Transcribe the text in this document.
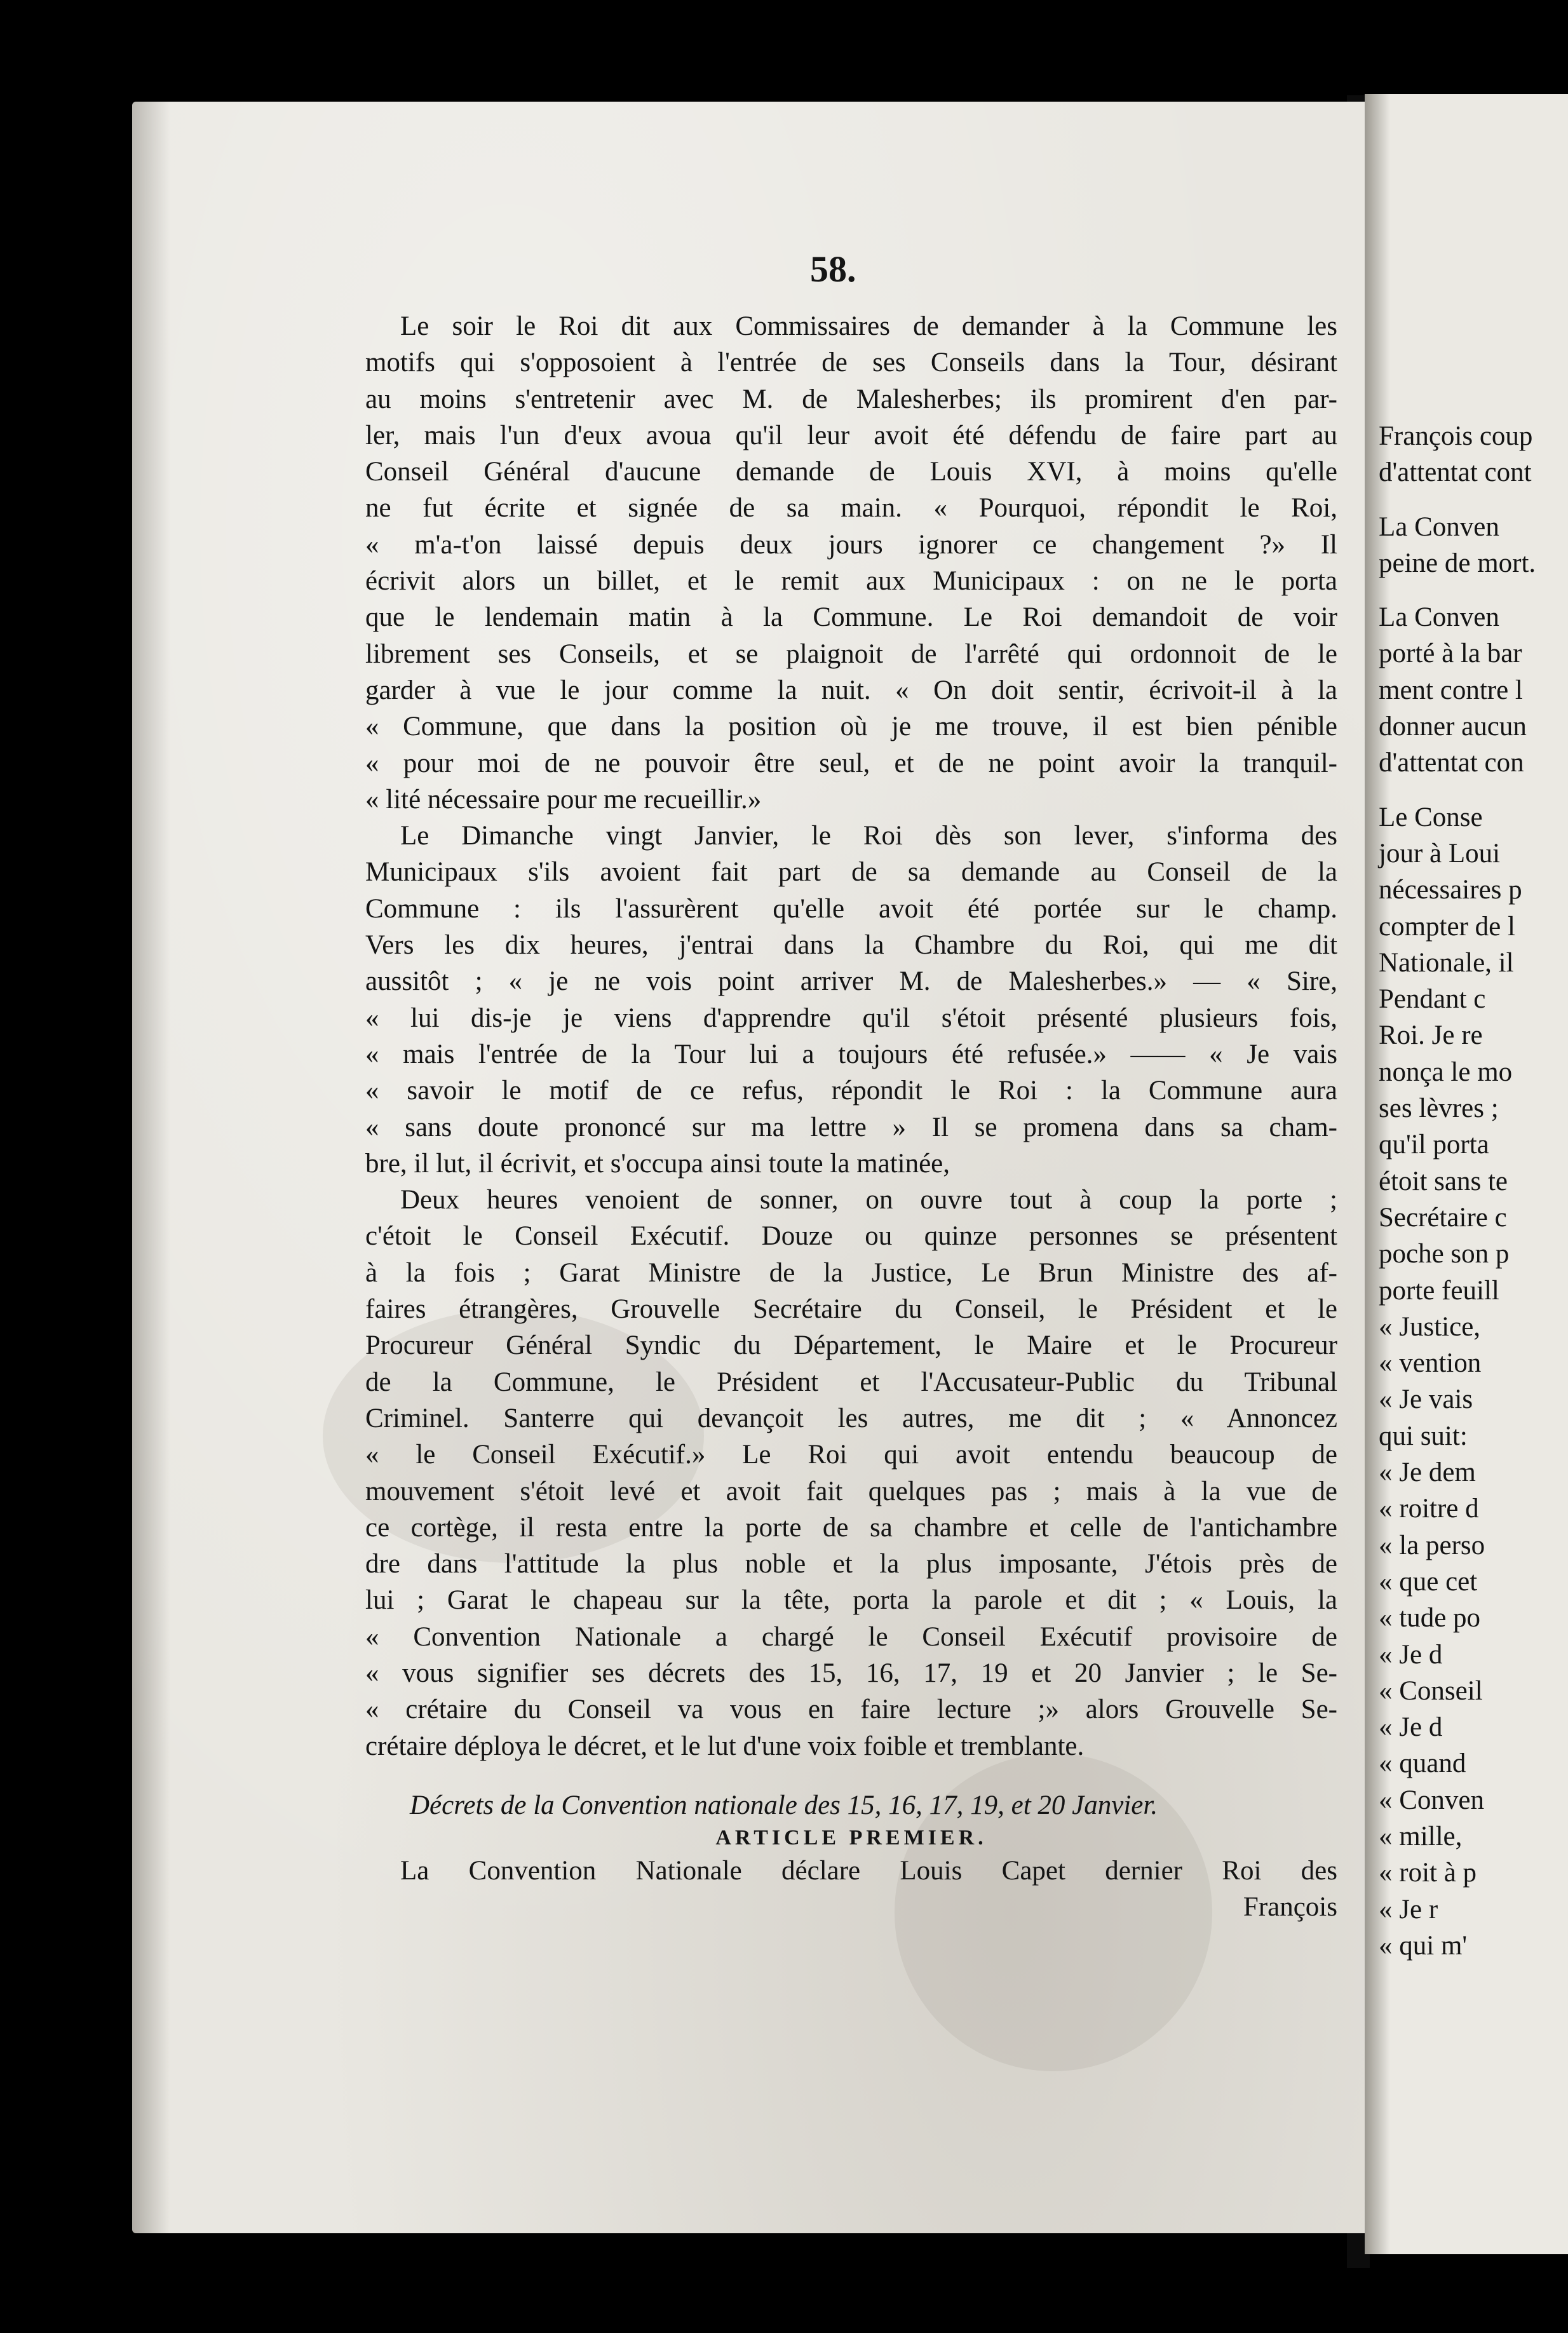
François coup
d'attentat cont
La Conven
peine de mort.
La Conven
porté à la bar
ment contre l
donner aucun
d'attentat con
Le Conse
jour à Loui
nécessaires p
compter de l
Nationale, il
Pendant c
Roi. Je re
nonça le mo
ses lèvres ;
qu'il porta
étoit sans te
Secrétaire c
poche son p
porte feuill
« Justice,
« vention
« Je vais
qui suit:
« Je dem
« roitre d
« la perso
« que cet
« tude po
« Je d
« Conseil
« Je d
« quand
« Conven
« mille,
« roit à p
« Je r
« qui m'

58.

Le soir le Roi dit aux Commissaires de demander à la Commune les
motifs qui s'opposoient à l'entrée de ses Conseils dans la Tour, désirant
au moins s'entretenir avec M. de Malesherbes; ils promirent d'en par-
ler, mais l'un d'eux avoua qu'il leur avoit été défendu de faire part au
Conseil Général d'aucune demande de Louis XVI, à moins qu'elle
ne fut écrite et signée de sa main. « Pourquoi, répondit le Roi,
« m'a-t'on laissé depuis deux jours ignorer ce changement ?» Il
écrivit alors un billet, et le remit aux Municipaux : on ne le porta
que le lendemain matin à la Commune. Le Roi demandoit de voir
librement ses Conseils, et se plaignoit de l'arrêté qui ordonnoit de le
garder à vue le jour comme la nuit. « On doit sentir, écrivoit-il à la
« Commune, que dans la position où je me trouve, il est bien pénible
« pour moi de ne pouvoir être seul, et de ne point avoir la tranquil-
« lité nécessaire pour me recueillir.»
Le Dimanche vingt Janvier, le Roi dès son lever, s'informa des
Municipaux s'ils avoient fait part de sa demande au Conseil de la
Commune : ils l'assurèrent qu'elle avoit été portée sur le champ.
Vers les dix heures, j'entrai dans la Chambre du Roi, qui me dit
aussitôt ; « je ne vois point arriver M. de Malesherbes.» — « Sire,
« lui dis-je je viens d'apprendre qu'il s'étoit présenté plusieurs fois,
« mais l'entrée de la Tour lui a toujours été refusée.» —— « Je vais
« savoir le motif de ce refus, répondit le Roi : la Commune aura
« sans doute prononcé sur ma lettre » Il se promena dans sa cham-
bre, il lut, il écrivit, et s'occupa ainsi toute la matinée,
Deux heures venoient de sonner, on ouvre tout à coup la porte ;
c'étoit le Conseil Exécutif. Douze ou quinze personnes se présentent
à la fois ; Garat Ministre de la Justice, Le Brun Ministre des af-
faires étrangères, Grouvelle Secrétaire du Conseil, le Président et le
Procureur Général Syndic du Département, le Maire et le Procureur
de la Commune, le Président et l'Accusateur-Public du Tribunal
Criminel. Santerre qui devançoit les autres, me dit ; « Annoncez
« le Conseil Exécutif.» Le Roi qui avoit entendu beaucoup de
mouvement s'étoit levé et avoit fait quelques pas ; mais à la vue de
ce cortège, il resta entre la porte de sa chambre et celle de l'antichambre
dre dans l'attitude la plus noble et la plus imposante, J'étois près de
lui ; Garat le chapeau sur la tête, porta la parole et dit ; « Louis, la
« Convention Nationale a chargé le Conseil Exécutif provisoire de
« vous signifier ses décrets des 15, 16, 17, 19 et 20 Janvier ; le Se-
« crétaire du Conseil va vous en faire lecture ;» alors Grouvelle Se-
crétaire déploya le décret, et le lut d'une voix foible et tremblante.
Décrets de la Convention nationale des 15, 16, 17, 19, et 20 Janvier.
ARTICLE PREMIER.
La Convention Nationale déclare Louis Capet dernier Roi des
François
